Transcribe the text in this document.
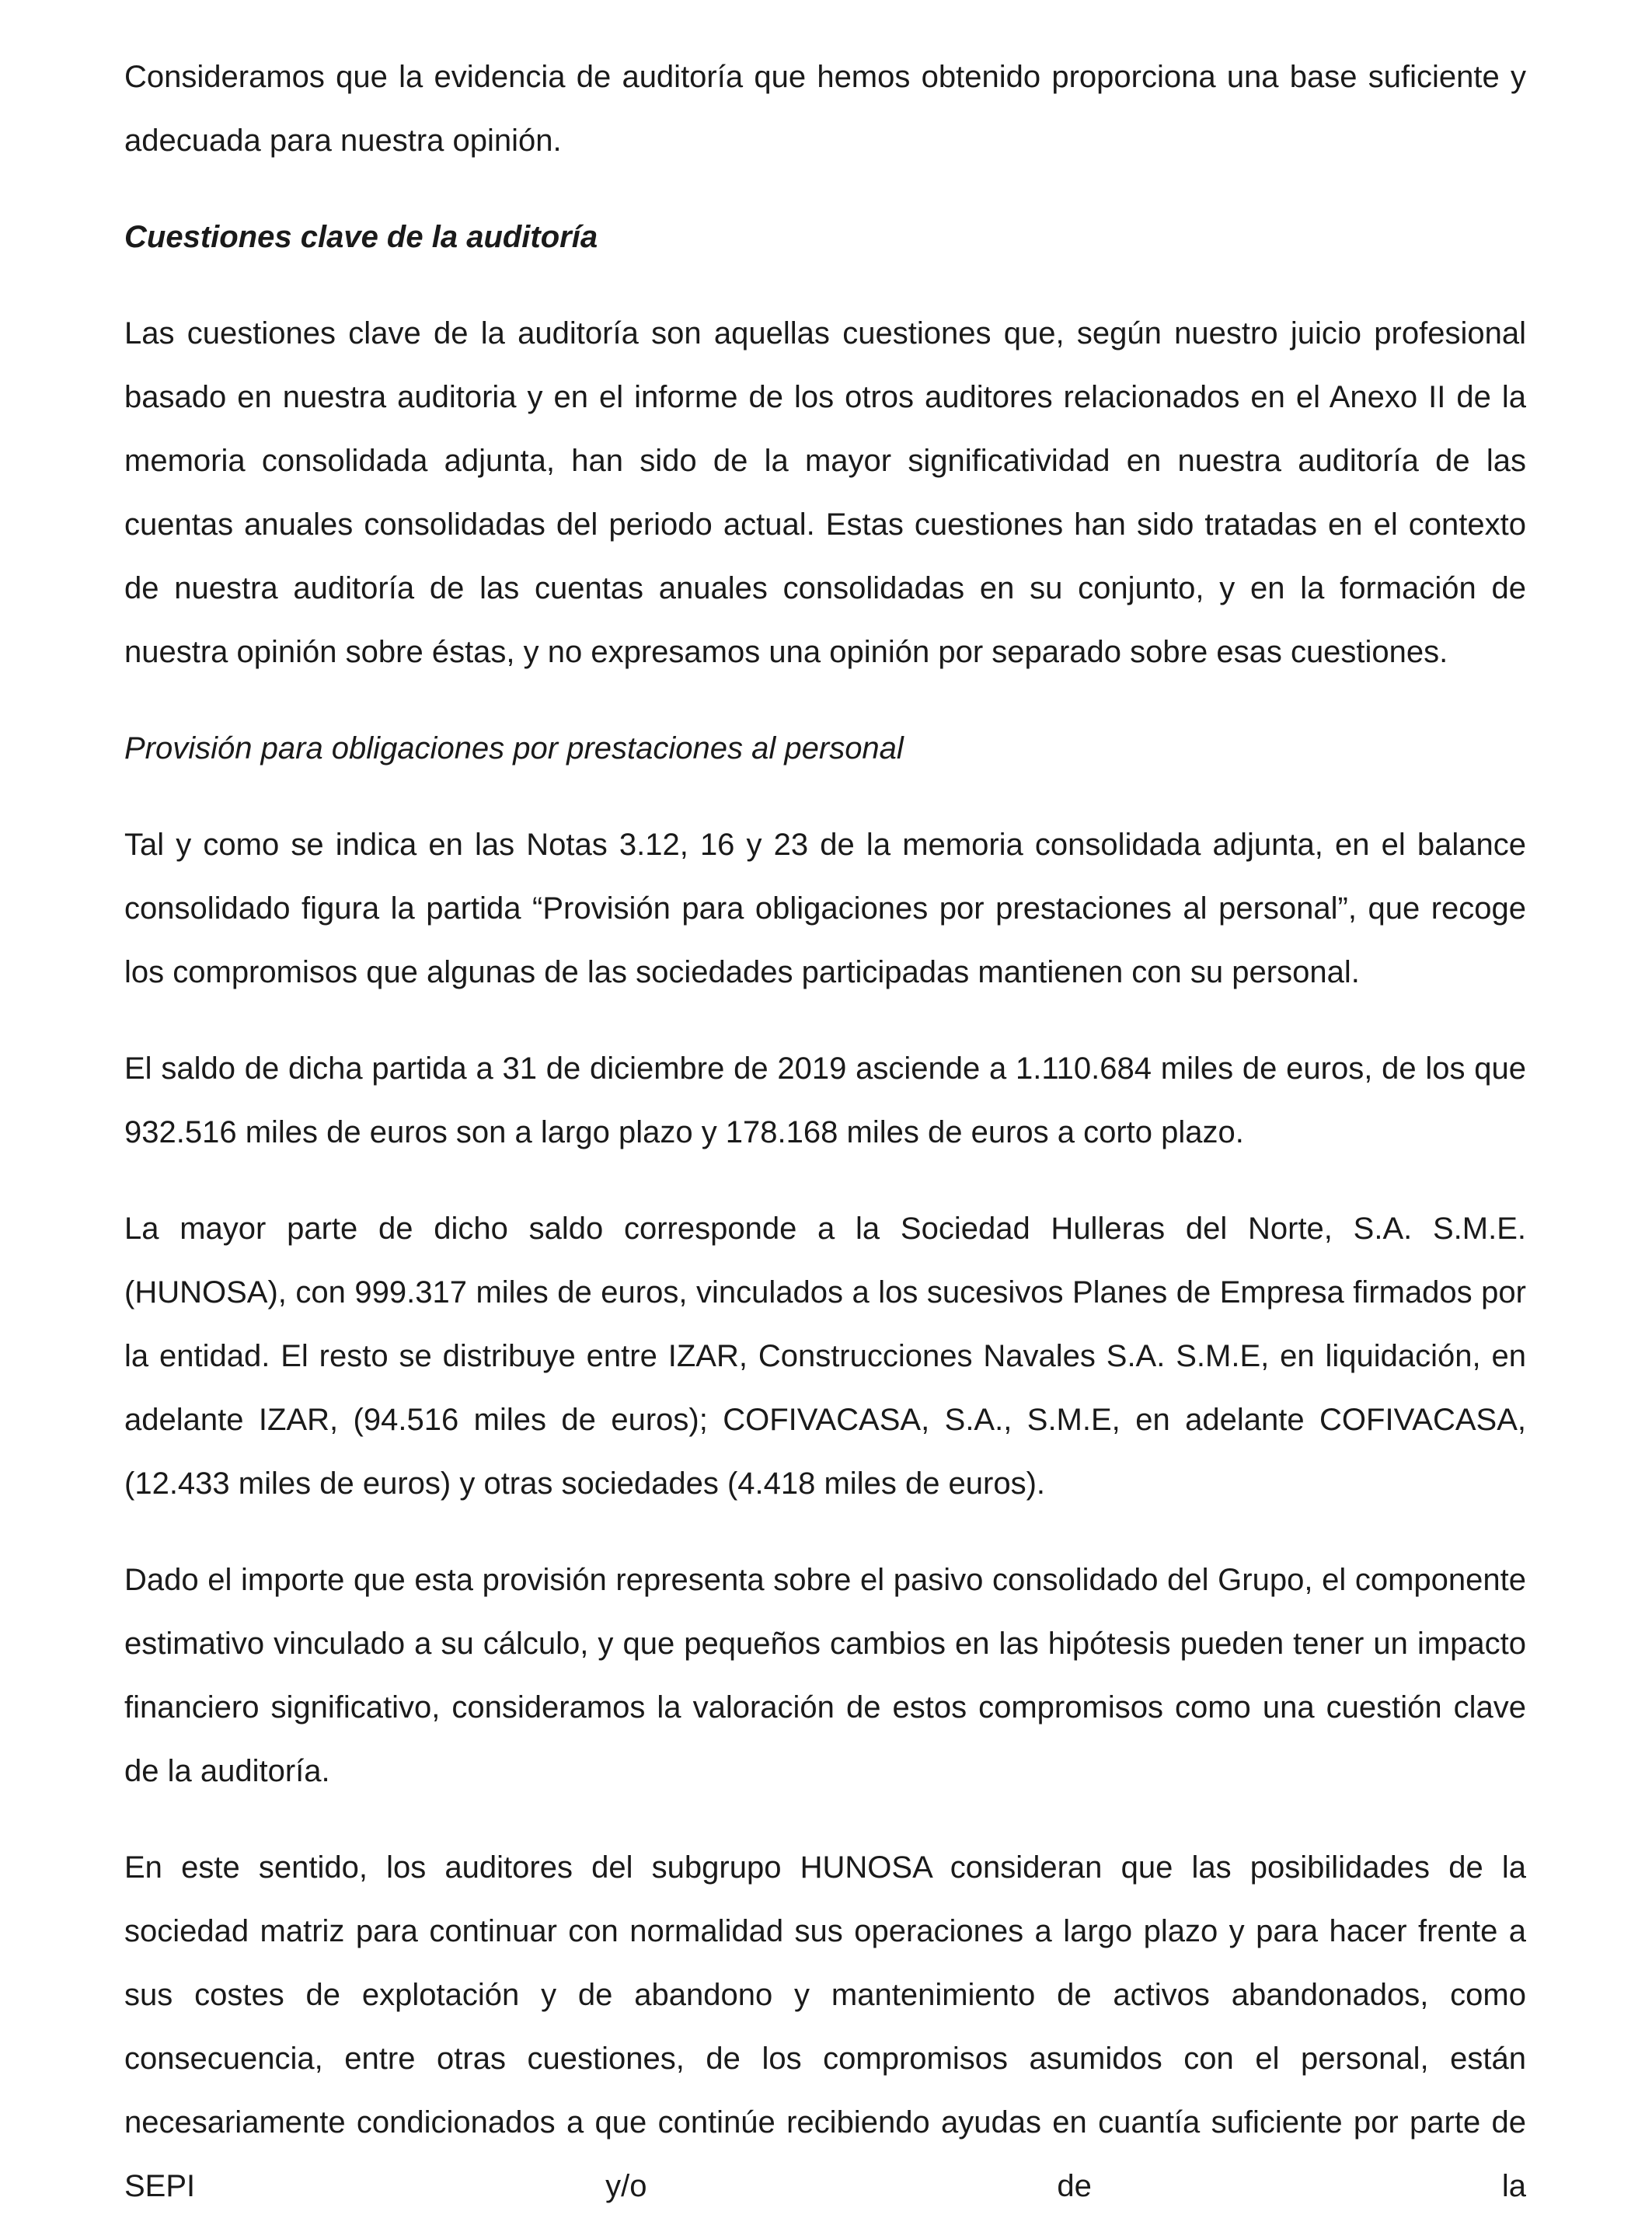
Consideramos que la evidencia de auditoría que hemos obtenido proporciona una base suficiente y adecuada para nuestra opinión.

Cuestiones clave de la auditoría

Las cuestiones clave de la auditoría son aquellas cuestiones que, según nuestro juicio profesional basado en nuestra auditoria y en el informe de los otros auditores relacionados en el Anexo II de la memoria consolidada adjunta, han sido de la mayor significatividad en nuestra auditoría de las cuentas anuales consolidadas del periodo actual. Estas cuestiones han sido tratadas en el contexto de nuestra auditoría de las cuentas anuales consolidadas en su conjunto, y en la formación de nuestra opinión sobre éstas, y no expresamos una opinión por separado sobre esas cuestiones.

Provisión para obligaciones por prestaciones al personal

Tal y como se indica en las Notas 3.12, 16 y 23 de la memoria consolidada adjunta, en el balance consolidado figura la partida “Provisión para obligaciones por prestaciones al personal”, que recoge los compromisos que algunas de las sociedades participadas mantienen con su personal.

El saldo de dicha partida a 31 de diciembre de 2019 asciende a 1.110.684 miles de euros, de los que 932.516 miles de euros son a largo plazo y 178.168 miles de euros a corto plazo.

La mayor parte de dicho saldo corresponde a la Sociedad Hulleras del Norte, S.A. S.M.E. (HUNOSA), con 999.317 miles de euros, vinculados a los sucesivos Planes de Empresa firmados por la entidad. El resto se distribuye entre IZAR, Construcciones Navales S.A. S.M.E, en liquidación, en adelante IZAR, (94.516 miles de euros); COFIVACASA, S.A., S.M.E, en adelante COFIVACASA, (12.433 miles de euros) y otras sociedades (4.418 miles de euros).

Dado el importe que esta provisión representa sobre el pasivo consolidado del Grupo, el componente estimativo vinculado a su cálculo, y que pequeños cambios en las hipótesis pueden tener un impacto financiero significativo, consideramos la valoración de estos compromisos como una cuestión clave de la auditoría.

En este sentido, los auditores del subgrupo HUNOSA consideran que las posibilidades de la sociedad matriz para continuar con normalidad sus operaciones a largo plazo y para hacer frente a sus costes de explotación y de abandono y mantenimiento de activos abandonados, como consecuencia, entre otras cuestiones, de los compromisos asumidos con el personal, están necesariamente condicionados a que continúe recibiendo ayudas en cuantía suficiente por parte de SEPI y/o de la
